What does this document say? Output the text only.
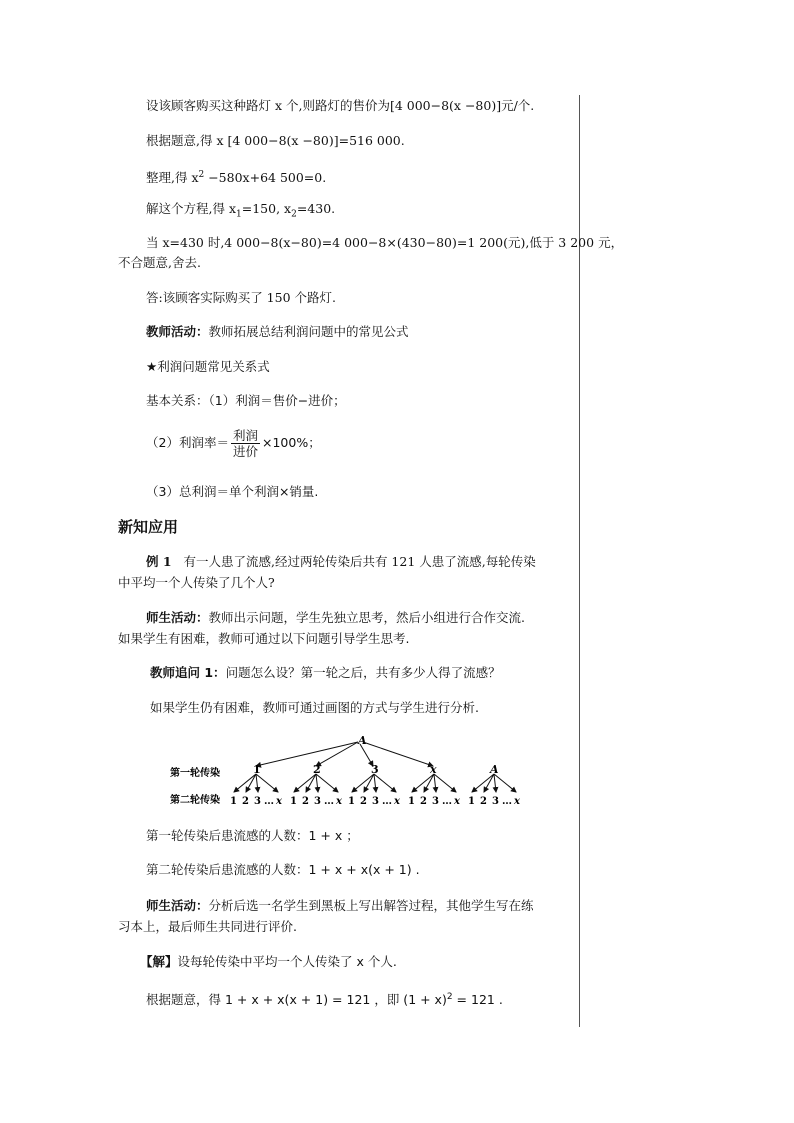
设该顾客购买这种路灯 x 个,则路灯的售价为[4 000−8(x −80)]元/个.
根据题意,得 x [4 000−8(x −80)]=516 000.
整理,得 $x^2 -580x+64$ 500=0.
解这个方程,得 $x_1=150$, $x_2=430$.
当 x=430 时,4 000−8(x−80)=4 000−8×(430−80)=1 200(元),低于 3 200 元，
不合题意,舍去.
答:该顾客实际购买了 150 个路灯.
教师活动：教师拓展总结利润问题中的常见公式
★利润问题常见关系式
基本关系：（1）利润＝售价−进价；
（2）利润率＝ $\frac{\text{利润}}{\text{进价}} \times 100\%$；
（3）总利润＝单个利润×销量.
新知应用
例 1 有一人患了流感,经过两轮传染后共有 121 人患了流感,每轮传染
中平均一个人传染了几个人?
师生活动：教师出示问题，学生先独立思考，然后小组进行合作交流.
如果学生有困难，教师可通过以下问题引导学生思考.
教师追问 1：问题怎么设？第一轮之后，共有多少人得了流感？
如果学生仍有困难，教师可通过画图的方式与学生进行分析.
A
第一轮传染
第二轮传染
1	2	3	x	A
1 2 3 … x 1 2 3 … x 1 2 3 … x 1 2 3 … x 1 2 3 … x
第一轮传染后患流感的人数：1 + x ；
第二轮传染后患流感的人数：1 + x + x(x + 1) .
师生活动：分析后选一名学生到黑板上写出解答过程，其他学生写在练
习本上，最后师生共同进行评价.
【解】设每轮传染中平均一个人传染了 x 个人.
根据题意，得 1 + x + x(x + 1) = 121 ，即 $(1 + x)^2 = 121$ .
